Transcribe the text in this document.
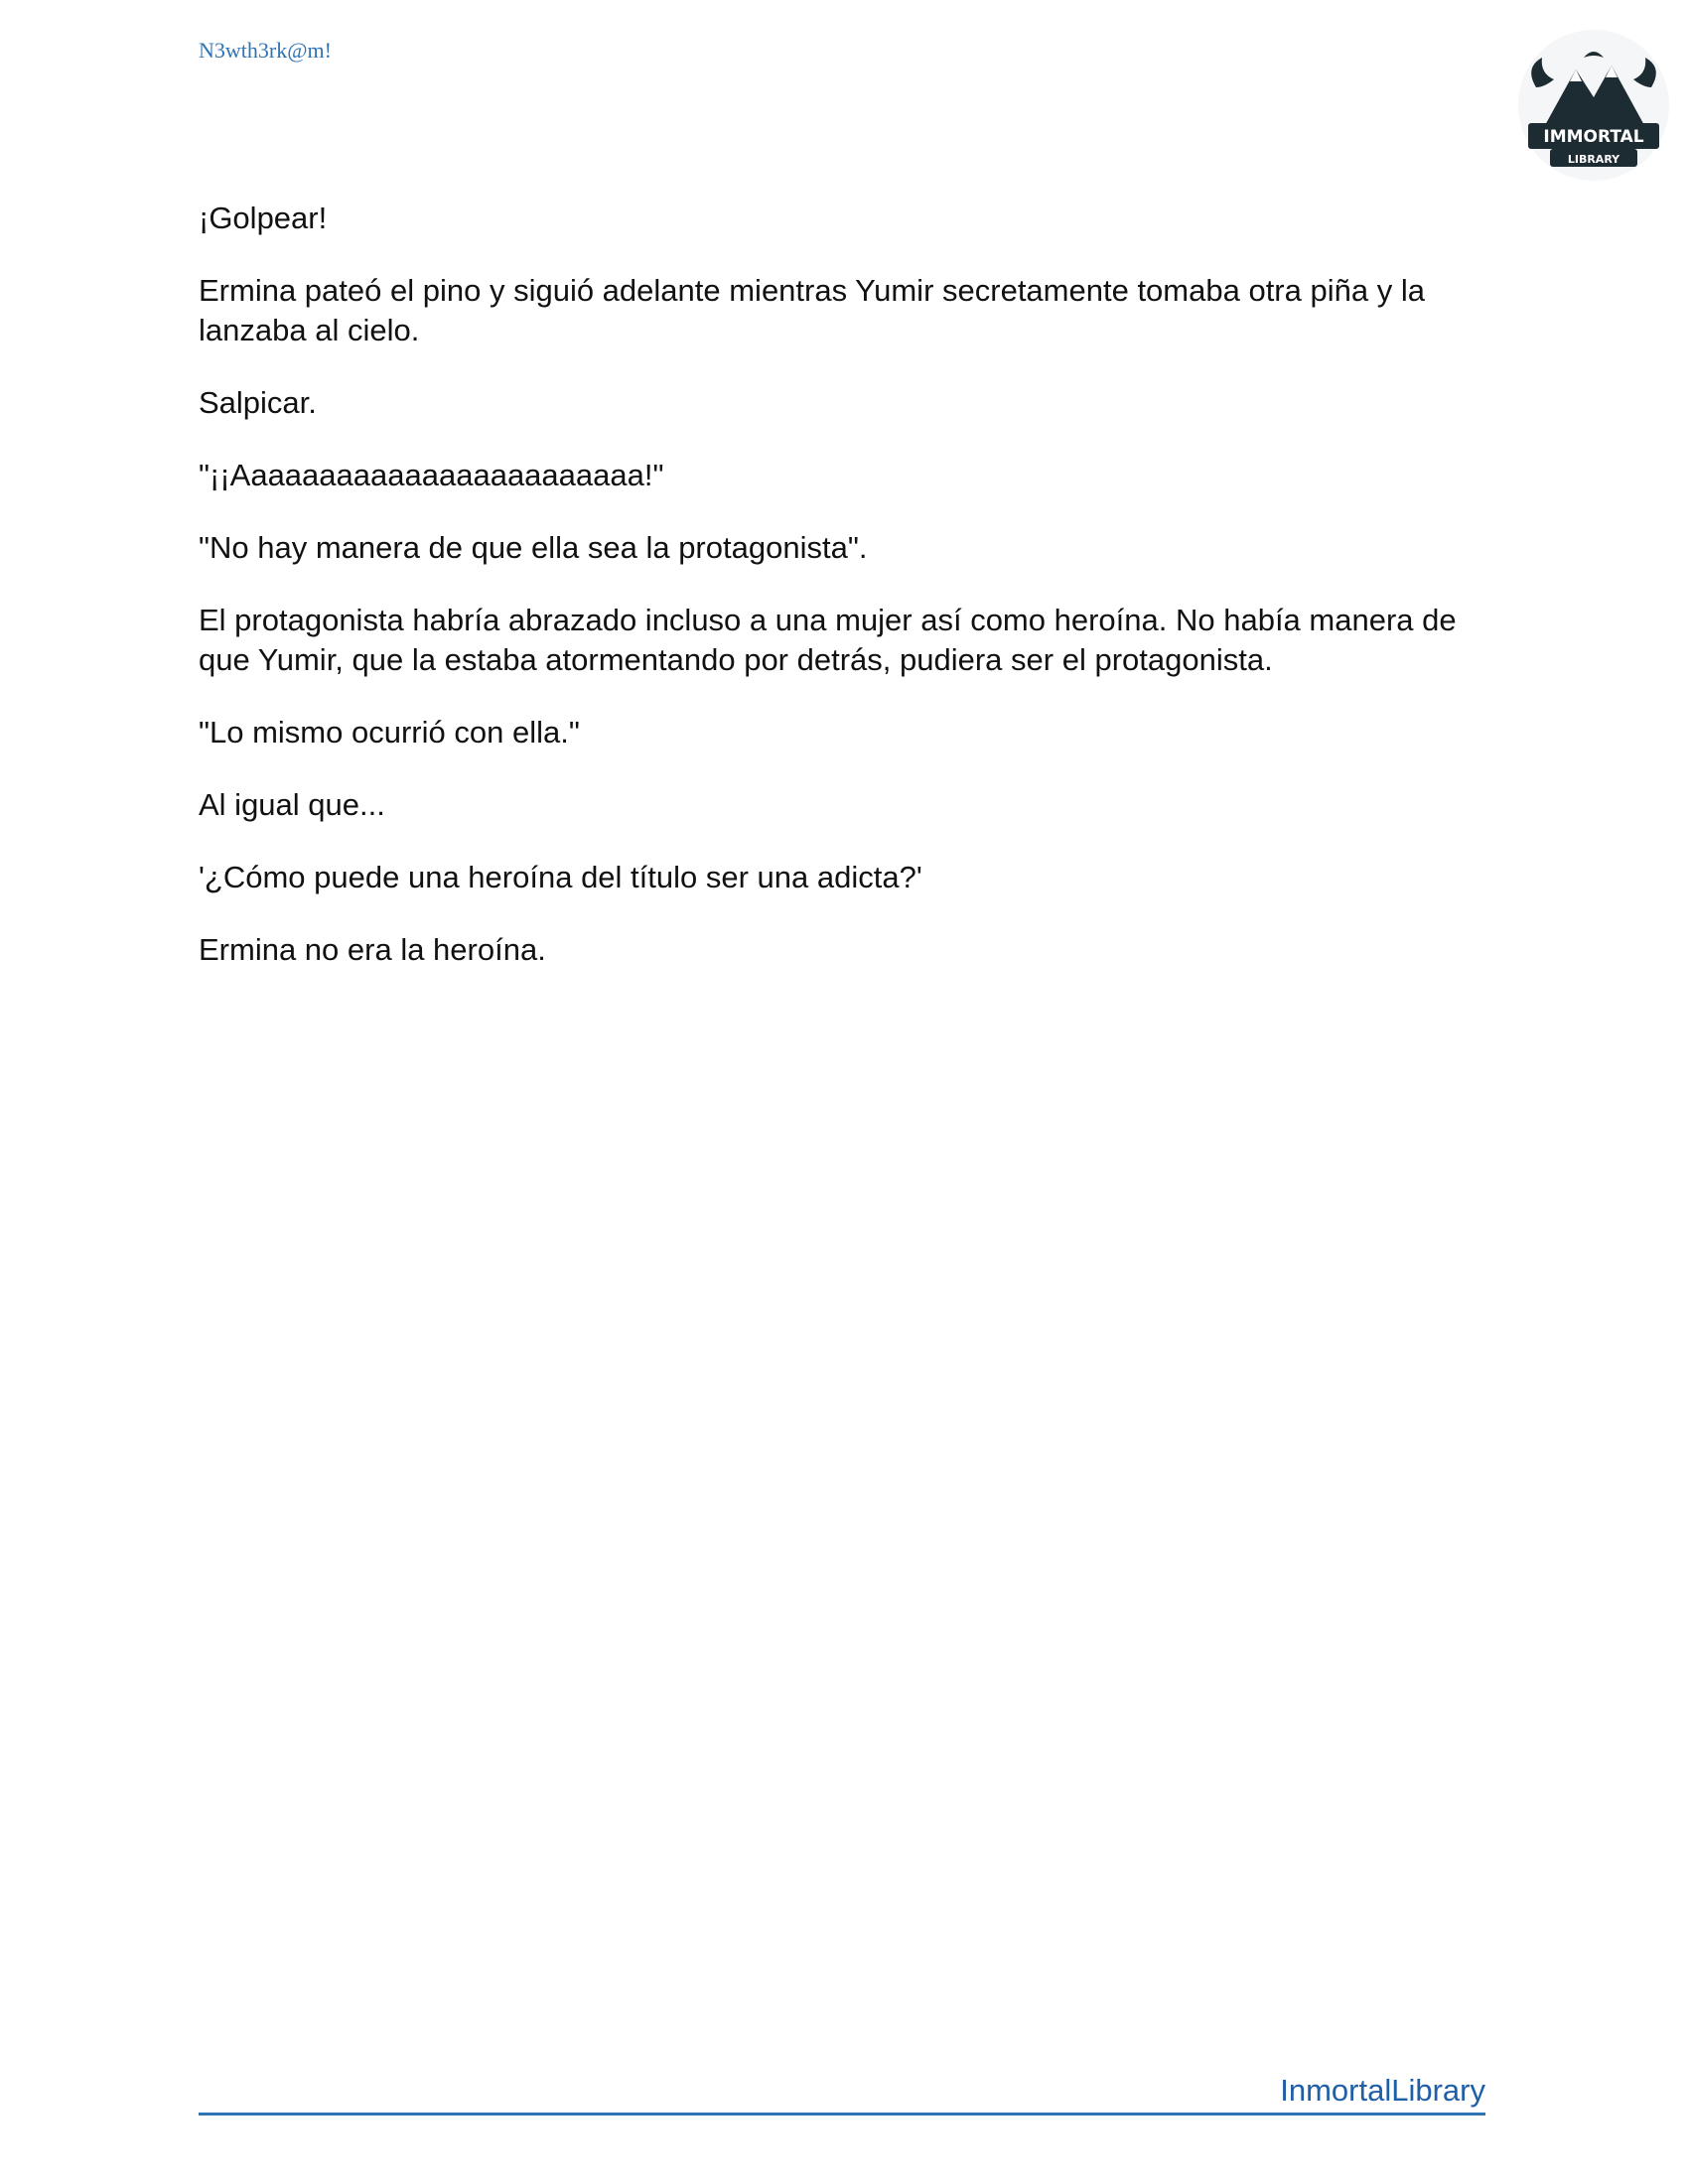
N3wth3rk@m!
IMMORTAL
LIBRARY

¡Golpear!

Ermina pateó el pino y siguió adelante mientras Yumir secretamente tomaba otra piña y la lanzaba al cielo.

Salpicar.

"¡¡Aaaaaaaaaaaaaaaaaaaaaaaa!"

"No hay manera de que ella sea la protagonista".

El protagonista habría abrazado incluso a una mujer así como heroína. No había manera de que Yumir, que la estaba atormentando por detrás, pudiera ser el protagonista.

"Lo mismo ocurrió con ella."

Al igual que...

'¿Cómo puede una heroína del título ser una adicta?'

Ermina no era la heroína.

InmortalLibrary
